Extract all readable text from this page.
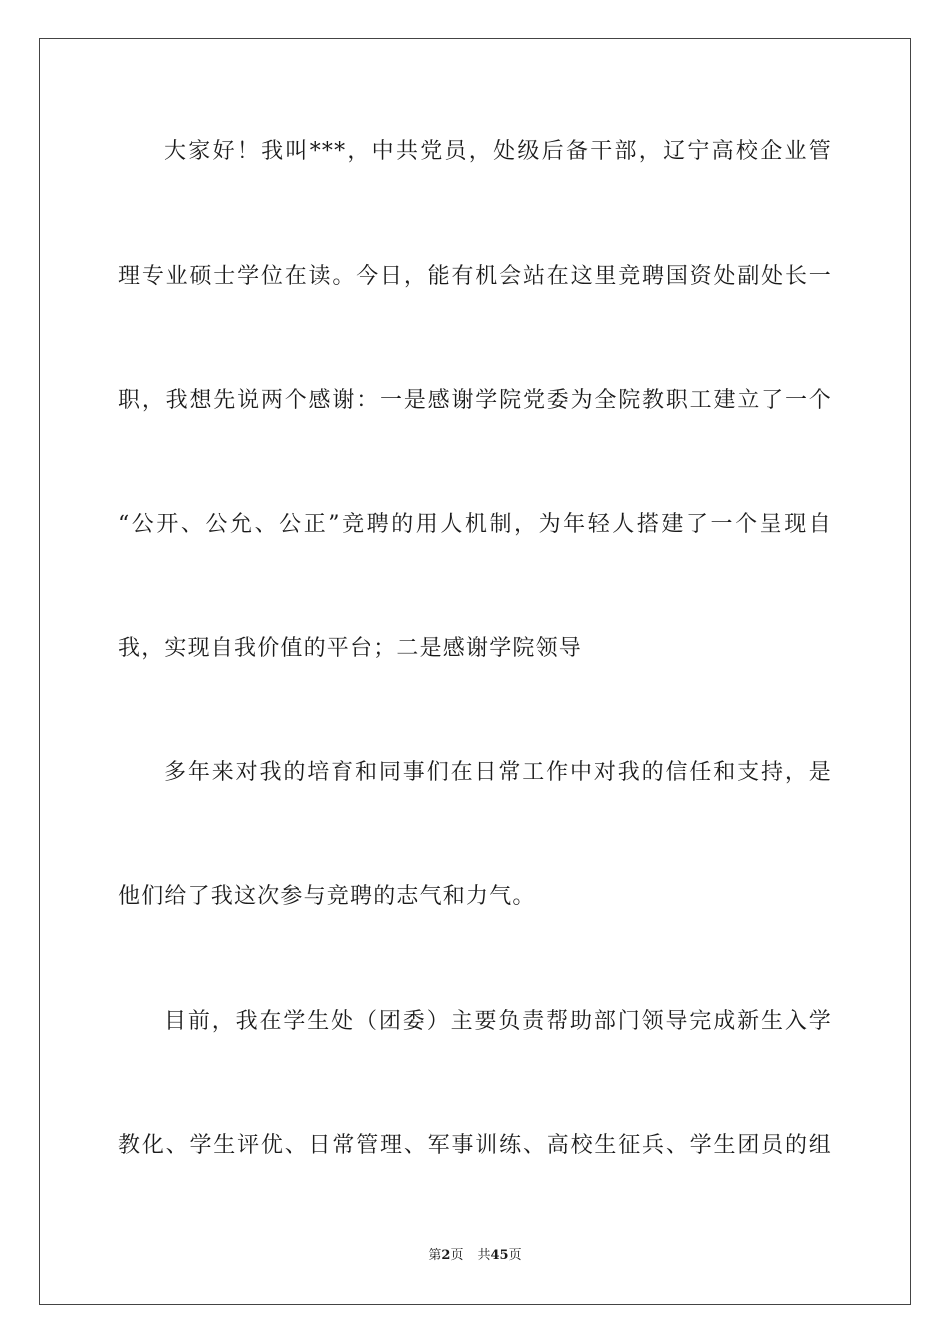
大家好！我叫***，中共党员，处级后备干部，辽宁高校企业管
理专业硕士学位在读。今日，能有机会站在这里竞聘国资处副处长一
职，我想先说两个感谢：一是感谢学院党委为全院教职工建立了一个
“公开、公允、公正”竞聘的用人机制，为年轻人搭建了一个呈现自
我，实现自我价值的平台；二是感谢学院领导
多年来对我的培育和同事们在日常工作中对我的信任和支持，是
他们给了我这次参与竞聘的志气和力气。
目前，我在学生处（团委）主要负责帮助部门领导完成新生入学
教化、学生评优、日常管理、军事训练、高校生征兵、学生团员的组
第2页 共45页
